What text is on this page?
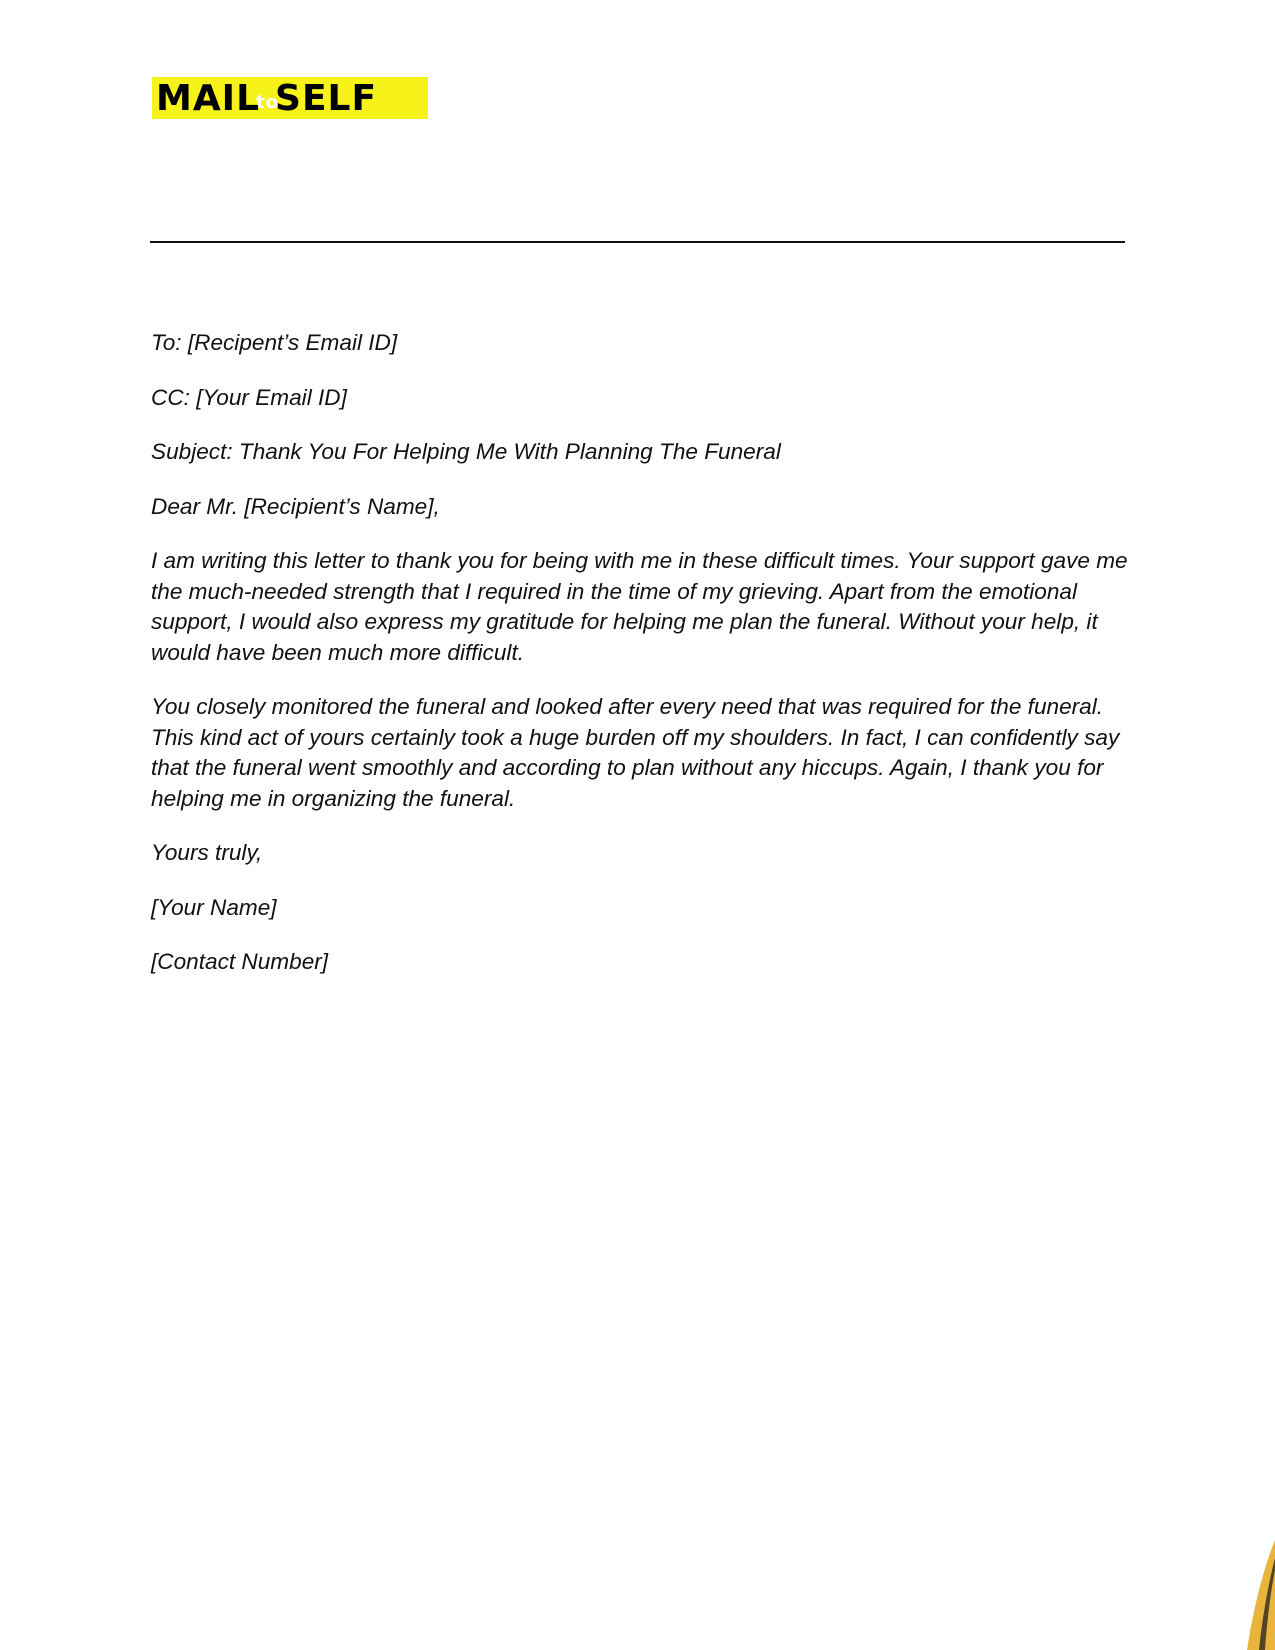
MAILtoSELF

To: [Recipent’s Email ID]

CC: [Your Email ID]

Subject: Thank You For Helping Me With Planning The Funeral

Dear Mr. [Recipient’s Name],

I am writing this letter to thank you for being with me in these difficult times. Your support gave me the much-needed strength that I required in the time of my grieving. Apart from the emotional support, I would also express my gratitude for helping me plan the funeral. Without your help, it would have been much more difficult.

You closely monitored the funeral and looked after every need that was required for the funeral. This kind act of yours certainly took a huge burden off my shoulders. In fact, I can confidently say that the funeral went smoothly and according to plan without any hiccups. Again, I thank you for helping me in organizing the funeral.

Yours truly,

[Your Name]

[Contact Number]
